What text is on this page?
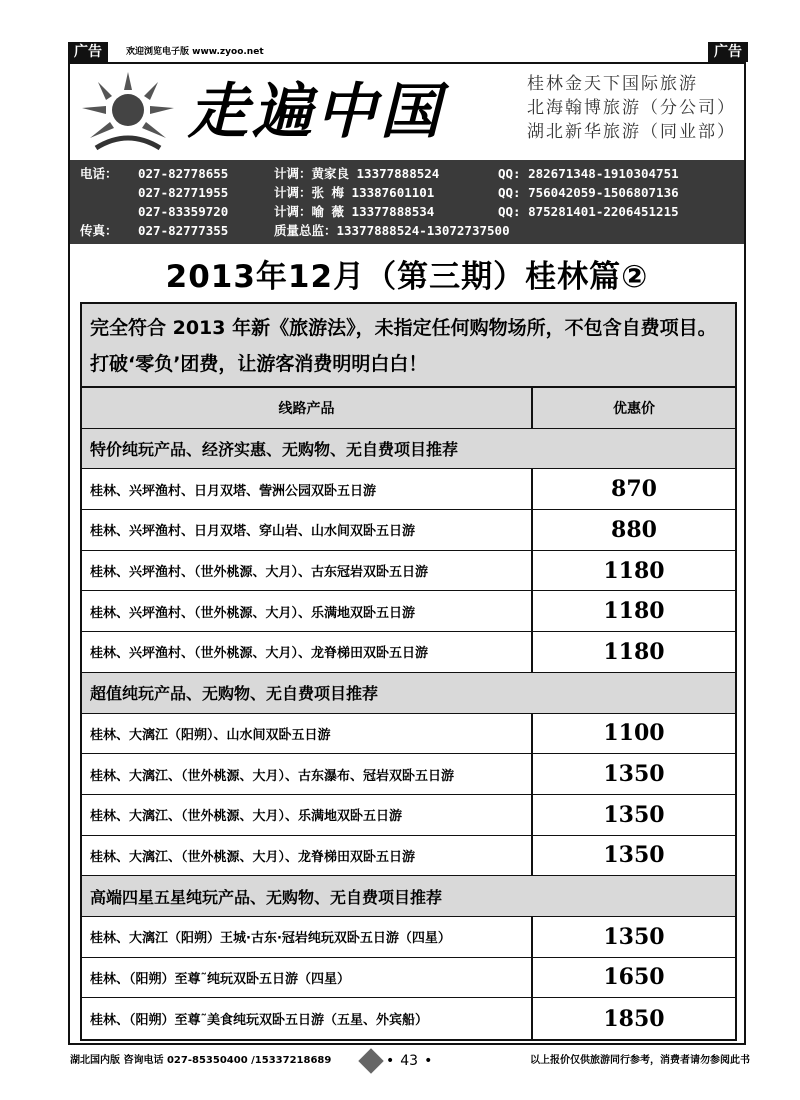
广告	欢迎浏览电子版 www.zyoo.net	广告
走遍中国	桂林金天下国际旅游
北海翰博旅游（分公司）
湖北新华旅游（同业部）
电话：	027-82778655	计调：黄家良 13377888524	QQ: 282671348-1910304751
027-82771955	计调：张 梅 13387601101	QQ: 756042059-1506807136
027-83359720	计调：喻 薇 13377888534	QQ: 875281401-2206451215
传真：	027-82777355	质量总监：13377888524-13072737500
2013年12月（第三期）桂林篇②
完全符合 2013 年新《旅游法》，未指定任何购物场所，不包含自费项目。打破‘零负’团费，让游客消费明明白白！
线路产品	优惠价
特价纯玩产品、经济实惠、无购物、无自费项目推荐
桂林、兴坪渔村、日月双塔、訾洲公园双卧五日游	870
桂林、兴坪渔村、日月双塔、穿山岩、山水间双卧五日游	880
桂林、兴坪渔村、（世外桃源、大月）、古东冠岩双卧五日游	1180
桂林、兴坪渔村、（世外桃源、大月）、乐满地双卧五日游	1180
桂林、兴坪渔村、（世外桃源、大月）、龙脊梯田双卧五日游	1180
超值纯玩产品、无购物、无自费项目推荐
桂林、大漓江（阳朔）、山水间双卧五日游	1100
桂林、大漓江、（世外桃源、大月）、古东瀑布、冠岩双卧五日游	1350
桂林、大漓江、（世外桃源、大月）、乐满地双卧五日游	1350
桂林、大漓江、（世外桃源、大月）、龙脊梯田双卧五日游	1350
高端四星五星纯玩产品、无购物、无自费项目推荐
桂林、大漓江（阳朔）王城·古东·冠岩纯玩双卧五日游（四星）	1350
桂林、（阳朔）至尊˜纯玩双卧五日游（四星）	1650
桂林、（阳朔）至尊˜美食纯玩双卧五日游（五星、外宾船）	1850
湖北国内版 咨询电话 027-85350400 /15337218689	• 43 •	以上报价仅供旅游同行参考，消费者请勿参阅此书
